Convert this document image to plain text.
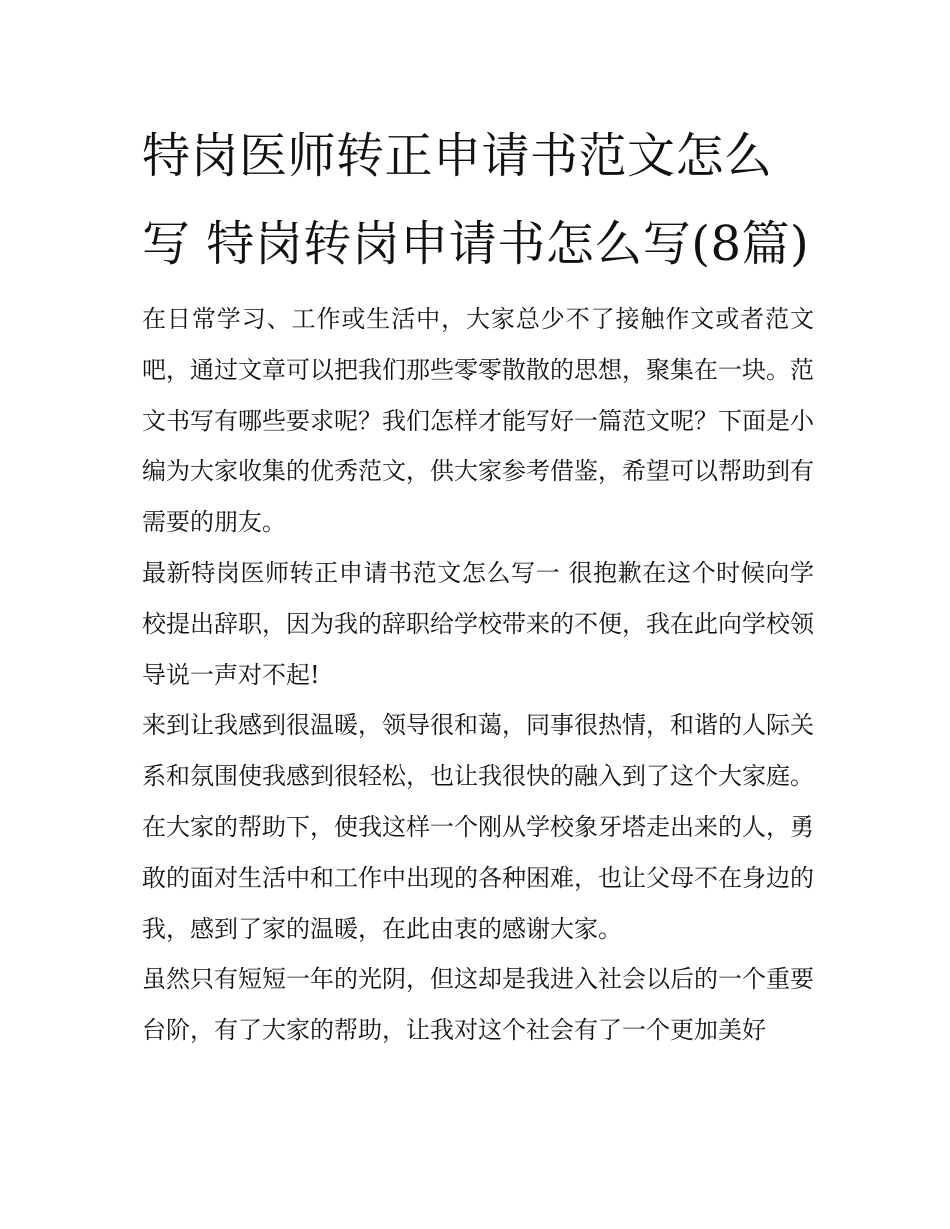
特岗医师转正申请书范文怎么写 特岗转岗申请书怎么写(8篇)

在日常学习、工作或生活中，大家总少不了接触作文或者范文吧，通过文章可以把我们那些零零散散的思想，聚集在一块。范文书写有哪些要求呢？我们怎样才能写好一篇范文呢？下面是小编为大家收集的优秀范文，供大家参考借鉴，希望可以帮助到有需要的朋友。

最新特岗医师转正申请书范文怎么写一 很抱歉在这个时候向学校提出辞职，因为我的辞职给学校带来的不便，我在此向学校领导说一声对不起!

来到让我感到很温暖，领导很和蔼，同事很热情，和谐的人际关系和氛围使我感到很轻松，也让我很快的融入到了这个大家庭。在大家的帮助下，使我这样一个刚从学校象牙塔走出来的人，勇敢的面对生活中和工作中出现的各种困难，也让父母不在身边的我，感到了家的温暖，在此由衷的感谢大家。

虽然只有短短一年的光阴，但这却是我进入社会以后的一个重要台阶，有了大家的帮助，让我对这个社会有了一个更加美好
